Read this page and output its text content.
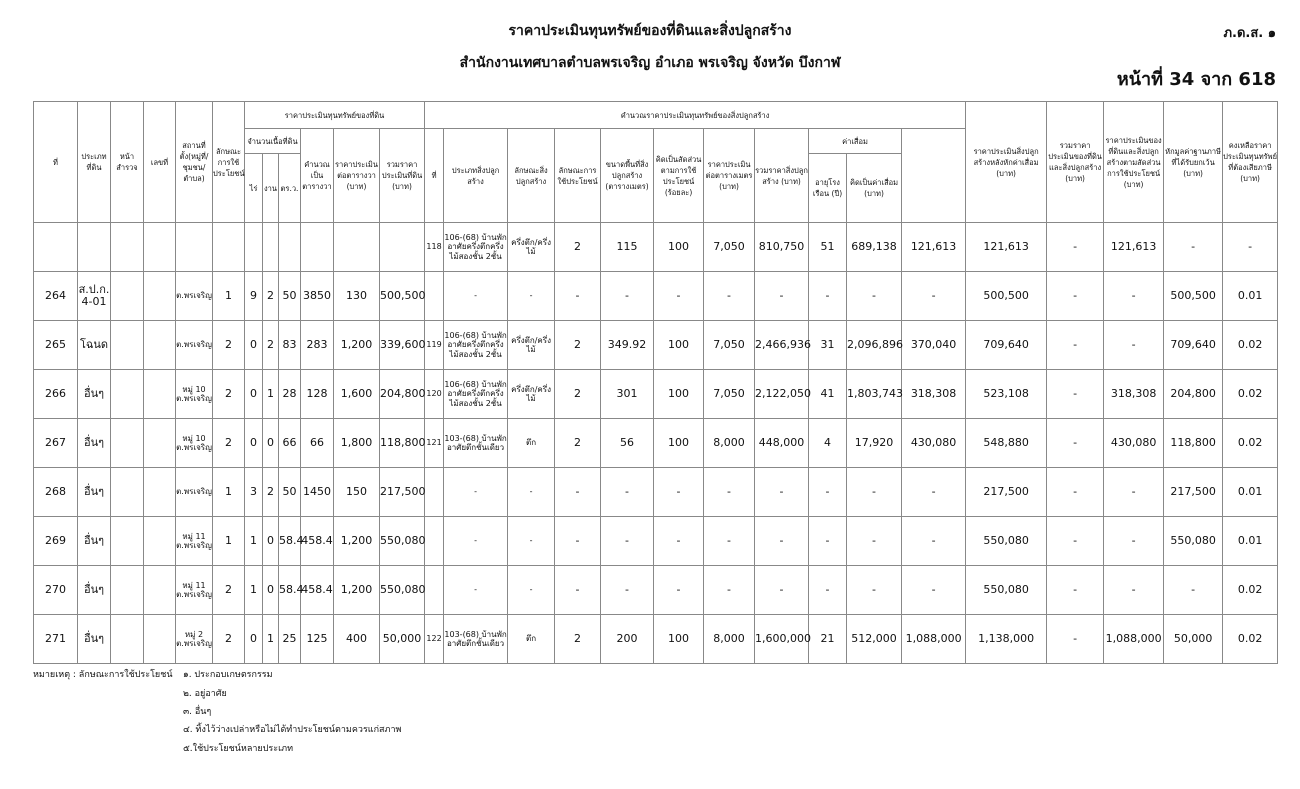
ราคาประเมินทุนทรัพย์ของที่ดินและสิ่งปลูกสร้าง
สำนักงานเทศบาลตำบลพรเจริญ อำเภอ พรเจริญ จังหวัด บึงกาฬ
ภ.ด.ส. ๑
หน้าที่ 34 จาก 618
ที่	ประเภทที่ดิน	หน้าสำรวจ	เลขที่	สถานที่ตั้ง(หมู่ที่/ชุมชน/ตำบล)	ลักษณะการใช้ประโยชน์	ราคาประเมินทุนทรัพย์ของที่ดิน						คำนวณราคาประเมินทุนทรัพย์ของสิ่งปลูกสร้าง											ราคาประเมินสิ่งปลูกสร้างหลังหักค่าเสื่อม (บาท)	รวมราคาประเมินของที่ดินและสิ่งปลูกสร้าง (บาท)	ราคาประเมินของที่ดินและสิ่งปลูกสร้างตามสัดส่วนการใช้ประโยชน์ (บาท)	หักมูลค่าฐานภาษีที่ได้รับยกเว้น (บาท)	คงเหลือราคาประเมินทุนทรัพย์ที่ต้องเสียภาษี (บาท)	
						จำนวนเนื้อที่ดิน			คำนวณเป็นตารางวา	ราคาประเมินต่อตารางวา (บาท)	รวมราคาประเมินที่ดิน (บาท)	ที่	ประเภทสิ่งปลูกสร้าง	ลักษณะสิ่งปลูกสร้าง	ลักษณะการใช้ประโยชน์	ขนาดพื้นที่สิ่งปลูกสร้าง (ตารางเมตร)	คิดเป็นสัดส่วนตามการใช้ประโยชน์ (ร้อยละ)	ราคาประเมินต่อตารางเมตร (บาท)	รวมราคาสิ่งปลูกสร้าง (บาท)	ค่าเสื่อม								
						ไร่	งาน	ตร.ว.												อายุโรงเรือน (ปี)	คิดเป็นค่าเสื่อม (บาท)							
												118	106-(68) บ้านพักอาศัยครึ่งตึกครึ่งไม้สองชั้น 2ชั้น	ครึ่งตึก/ครึ่งไม้	2	115	100	7,050	810,750	51	689,138	121,613	121,613	-	121,613	-	-	
264	ส.ป.ก. 4-01			ต.พรเจริญ	1	9	2	50	3850	130	500,500		-	-	-	-	-	-	-	-	-	-	500,500	-	-	500,500	0.01	
265	โฉนด			ต.พรเจริญ	2	0	2	83	283	1,200	339,600	119	106-(68) บ้านพักอาศัยครึ่งตึกครึ่งไม้สองชั้น 2ชั้น	ครึ่งตึก/ครึ่งไม้	2	349.92	100	7,050	2,466,936	31	2,096,896	370,040	709,640	-	-	709,640	0.02	
266	อื่นๆ			หมู่ 10 ต.พรเจริญ	2	0	1	28	128	1,600	204,800	120	106-(68) บ้านพักอาศัยครึ่งตึกครึ่งไม้สองชั้น 2ชั้น	ครึ่งตึก/ครึ่งไม้	2	301	100	7,050	2,122,050	41	1,803,743	318,308	523,108	-	318,308	204,800	0.02	
267	อื่นๆ			หมู่ 10 ต.พรเจริญ	2	0	0	66	66	1,800	118,800	121	103-(68) บ้านพักอาศัยตึกชั้นเดียว	ตึก	2	56	100	8,000	448,000	4	17,920	430,080	548,880	-	430,080	118,800	0.02	
268	อื่นๆ			ต.พรเจริญ	1	3	2	50	1450	150	217,500		-	-	-	-	-	-	-	-	-	-	217,500	-	-	217,500	0.01	
269	อื่นๆ			หมู่ 11 ต.พรเจริญ	1	1	0	58.4	458.4	1,200	550,080		-	-	-	-	-	-	-	-	-	-	550,080	-	-	550,080	0.01	
270	อื่นๆ			หมู่ 11 ต.พรเจริญ	2	1	0	58.4	458.4	1,200	550,080		-	-	-	-	-	-	-	-	-	-	550,080	-	-	-	0.02	
271	อื่นๆ			หมู่ 2 ต.พรเจริญ	2	0	1	25	125	400	50,000	122	103-(68) บ้านพักอาศัยตึกชั้นเดียว	ตึก	2	200	100	8,000	1,600,000	21	512,000	1,088,000	1,138,000	-	1,088,000	50,000	0.02	
หมายเหตุ : ลักษณะการใช้ประโยชน์ ๑. ประกอบเกษตรกรรม
๒. อยู่อาศัย
๓. อื่นๆ
๔. ทิ้งไว้ว่างเปล่าหรือไม่ได้ทำประโยชน์ตามควรแก่สภาพ
๕.ใช้ประโยชน์หลายประเภท
